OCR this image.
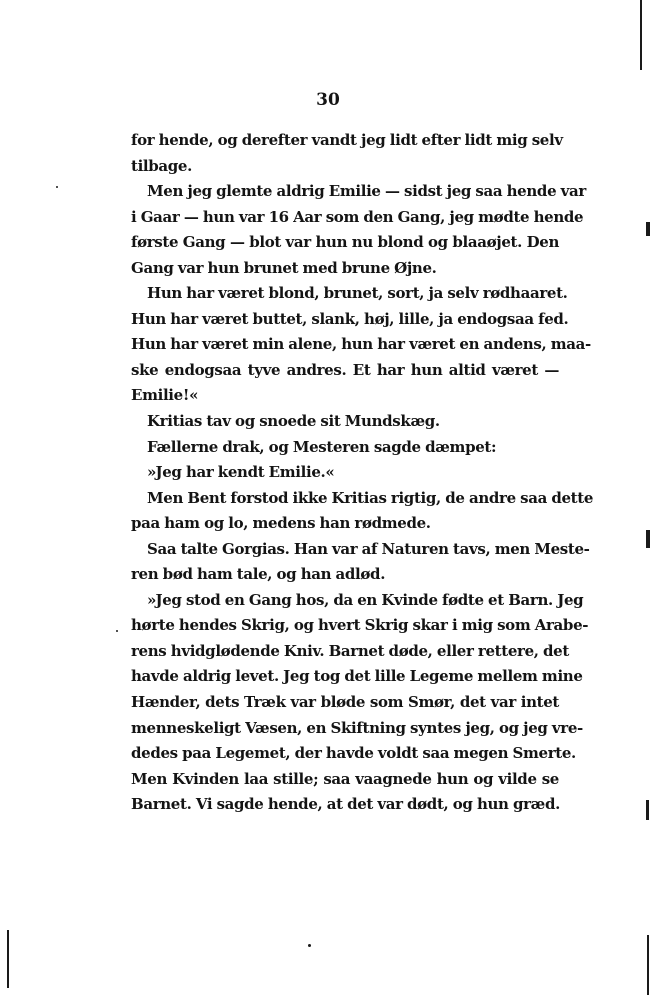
30
for hende, og derefter vandt jeg lidt efter lidt mig selv
tilbage.
Men jeg glemte aldrig Emilie — sidst jeg saa hende var
i Gaar — hun var 16 Aar som den Gang, jeg mødte hende
første Gang — blot var hun nu blond og blaaøjet. Den
Gang var hun brunet med brune Øjne.
Hun har været blond, brunet, sort, ja selv rødhaaret.
Hun har været buttet, slank, høj, lille, ja endogsaa fed.
Hun har været min alene, hun har været en andens, maa-
ske endogsaa tyve andres. Et har hun altid været —
Emilie!«
Kritias tav og snoede sit Mundskæg.
Fællerne drak, og Mesteren sagde dæmpet:
»Jeg har kendt Emilie.«
Men Bent forstod ikke Kritias rigtig, de andre saa dette
paa ham og lo, medens han rødmede.
Saa talte Gorgias. Han var af Naturen tavs, men Meste-
ren bød ham tale, og han adlød.
»Jeg stod en Gang hos, da en Kvinde fødte et Barn. Jeg
hørte hendes Skrig, og hvert Skrig skar i mig som Arabe-
rens hvidglødende Kniv. Barnet døde, eller rettere, det
havde aldrig levet. Jeg tog det lille Legeme mellem mine
Hænder, dets Træk var bløde som Smør, det var intet
menneskeligt Væsen, en Skiftning syntes jeg, og jeg vre-
dedes paa Legemet, der havde voldt saa megen Smerte.
Men Kvinden laa stille; saa vaagnede hun og vilde se
Barnet. Vi sagde hende, at det var dødt, og hun græd.
